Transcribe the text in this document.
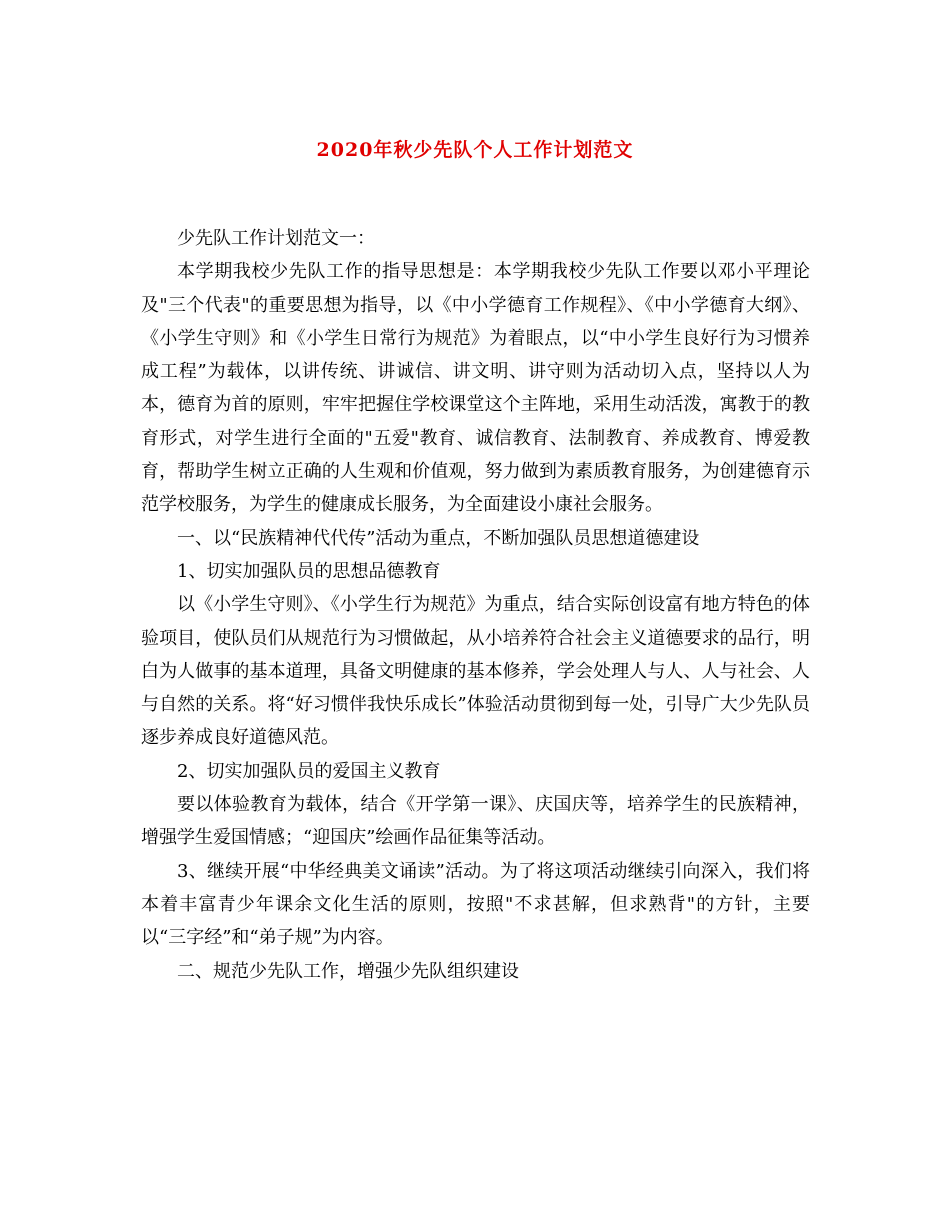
2020年秋少先队个人工作计划范文

少先队工作计划范文一：

本学期我校少先队工作的指导思想是：本学期我校少先队工作要以邓小平理论及"三个代表"的重要思想为指导，以《中小学德育工作规程》、《中小学德育大纲》、《小学生守则》和《小学生日常行为规范》为着眼点，以“中小学生良好行为习惯养成工程”为载体，以讲传统、讲诚信、讲文明、讲守则为活动切入点，坚持以人为本，德育为首的原则，牢牢把握住学校课堂这个主阵地，采用生动活泼，寓教于的教育形式，对学生进行全面的"五爱"教育、诚信教育、法制教育、养成教育、博爱教育，帮助学生树立正确的人生观和价值观，努力做到为素质教育服务，为创建德育示范学校服务，为学生的健康成长服务，为全面建设小康社会服务。

一、以“民族精神代代传”活动为重点，不断加强队员思想道德建设

1、切实加强队员的思想品德教育

以《小学生守则》、《小学生行为规范》为重点，结合实际创设富有地方特色的体验项目，使队员们从规范行为习惯做起，从小培养符合社会主义道德要求的品行，明白为人做事的基本道理，具备文明健康的基本修养，学会处理人与人、人与社会、人与自然的关系。将“好习惯伴我快乐成长”体验活动贯彻到每一处，引导广大少先队员逐步养成良好道德风范。

2、切实加强队员的爱国主义教育

要以体验教育为载体，结合《开学第一课》、庆国庆等，培养学生的民族精神，增强学生爱国情感；“迎国庆”绘画作品征集等活动。

3、继续开展“中华经典美文诵读”活动。为了将这项活动继续引向深入，我们将本着丰富青少年课余文化生活的原则，按照"不求甚解，但求熟背"的方针，主要以“三字经”和“弟子规”为内容。

二、规范少先队工作，增强少先队组织建设
